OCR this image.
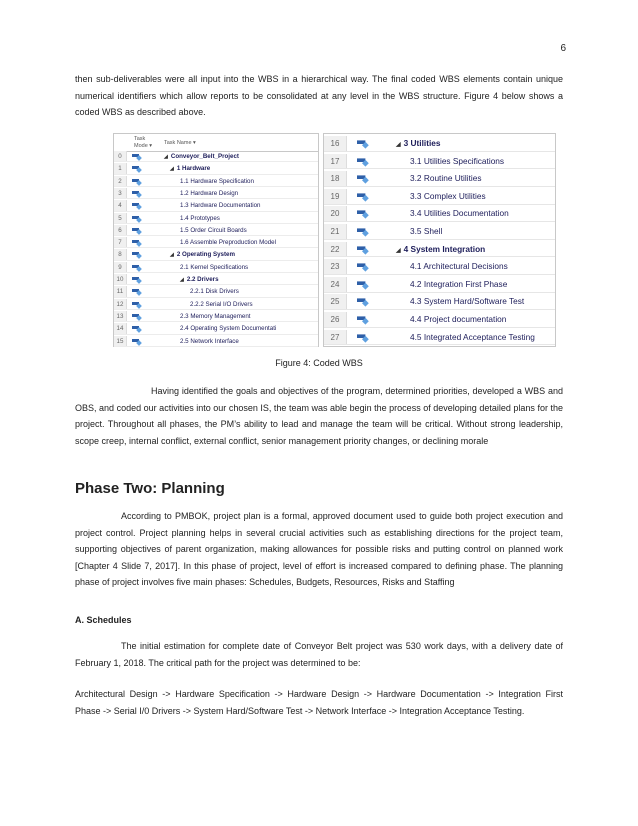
6

then sub-deliverables were all input into the WBS in a hierarchical way. The final coded WBS elements contain unique numerical identifiers which allow reports to be consolidated at any level in the WBS structure. Figure 4 below shows a coded WBS as described above.

Task
Mode ▾ Task Name ▾
0	◢ Conveyor_Belt_Project
1	◢ 1 Hardware
2	1.1 Hardware Specification
3	1.2 Hardware Design
4	1.3 Hardware Documentation
5	1.4 Prototypes
6	1.5 Order Circuit Boards
7	1.6 Assemble Preproduction Model
8	◢ 2 Operating System
9	2.1 Kernel Specifications
10	◢ 2.2 Drivers
11	2.2.1 Disk Drivers
12	2.2.2 Serial I/O Drivers
13	2.3 Memory Management
14	2.4 Operating System Documentati
15	2.5 Network Interface
16	◢ 3 Utilities
17	3.1 Utilities Specifications
18	3.2 Routine Utilities
19	3.3 Complex Utilities
20	3.4 Utilities Documentation
21	3.5 Shell
22	◢ 4 System Integration
23	4.1 Architectural Decisions
24	4.2 Integration First Phase
25	4.3 System Hard/Software Test
26	4.4 Project documentation
27	4.5 Integrated Acceptance Testing
Figure 4: Coded WBS

Having identified the goals and objectives of the program, determined priorities, developed a WBS and OBS, and coded our activities into our chosen IS, the team was able begin the process of developing detailed plans for the project. Throughout all phases, the PM’s ability to lead and manage the team will be critical. Without strong leadership, scope creep, internal conflict, external conflict, senior management priority changes, or declining morale

Phase Two: Planning

According to PMBOK, project plan is a formal, approved document used to guide both project execution and project control. Project planning helps in several crucial activities such as establishing directions for the project team, supporting objectives of parent organization, making allowances for possible risks and putting control on planned work [Chapter 4 Slide 7, 2017]. In this phase of project, level of effort is increased compared to defining phase. The planning phase of project involves five main phases: Schedules, Budgets, Resources, Risks and Staffing

A. Schedules

The initial estimation for complete date of Conveyor Belt project was 530 work days, with a delivery date of February 1, 2018. The critical path for the project was determined to be:

Architectural Design -> Hardware Specification -> Hardware Design -> Hardware Documentation -> Integration First Phase -> Serial I/0 Drivers -> System Hard/Software Test -> Network Interface -> Integration Acceptance Testing.
